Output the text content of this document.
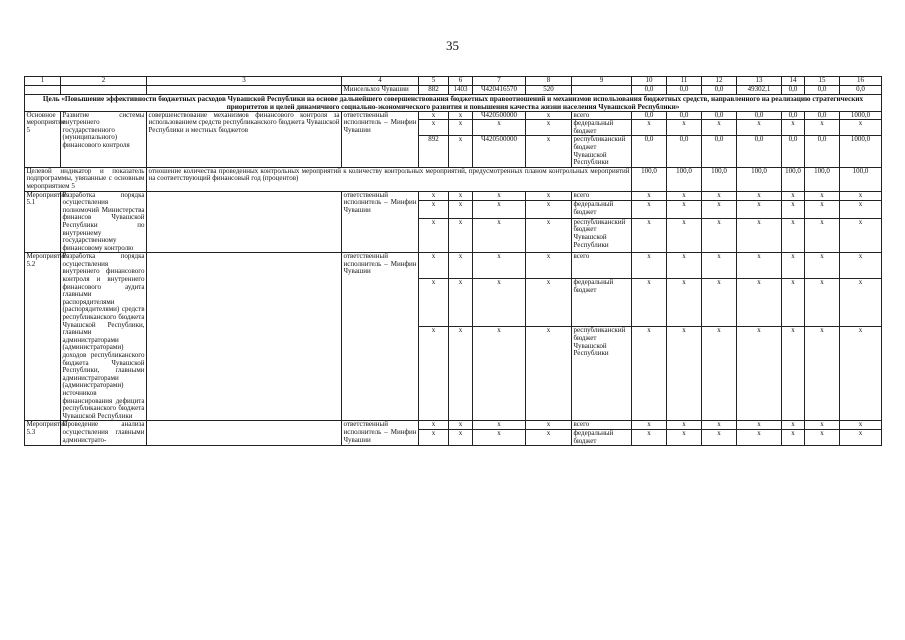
35
1	2	3	4	5	6	7	8	9	10	11	12	13	14	15	16
			Минсельхоз Чувашии	882	1403	Ч420416570	520		0,0	0,0	0,0	49302,1	0,0	0,0	0,0
Цель «Повышение эффективности бюджетных расходов Чувашской Республики на основе дальнейшего совершенствования бюджетных правоотношений и механизмов использования бюджетных средств, направленного на реализацию стратегических приоритетов и целей динамичного социально-экономического развития и повышения качества жизни населения Чувашской Республики»															
Основное мероприятие 5	Развитие системы внутреннего государственного (муниципального) финансового контроля	совершенствование механизмов финансового контроля за использованием средств республиканского бюджета Чувашской Республики и местных бюджетов	ответственный исполнитель – Минфин Чувашии	x	x	Ч420500000	x	всего	0,0	0,0	0,0	0,0	0,0	0,0	1000,0
				x	x	x	x	федеральный бюджет	x	x	x	x	x	x	x
				892	x	Ч420500000	x	республиканский бюджет Чувашской Республики	0,0	0,0	0,0	0,0	0,0	0,0	1000,0
Целевой индикатор и показатель подпрограммы, увязанные с основным мероприятием 5		отношение количества проведенных контрольных мероприятий к количеству контрольных мероприятий, предусмотренных планом контрольных мероприятий на соответствующий финансовый год (процентов)							100,0	100,0	100,0	100,0	100,0	100,0	100,0
Мероприятие 5.1	Разработка порядка осуществления полномочий Министерства финансов Чувашской Республики по внутреннему государственному финансовому контролю		ответственный исполнитель – Минфин Чувашии	x	x	x	x	всего	x	x	x	x	x	x	x
				x	x	x	x	федеральный бюджет	x	x	x	x	x	x	x
				x	x	x	x	республиканский бюджет Чувашской Республики	x	x	x	x	x	x	x
Мероприятие 5.2	Разработка порядка осуществления внутреннего финансового контроля и внутреннего финансового аудита главными распорядителями (распорядителями) средств республиканского бюджета Чувашской Республики, главными администраторами (администраторами) доходов республиканского бюджета Чувашской Республики, главными администраторами (администраторами) источников финансирования дефицита республиканского бюджета Чувашской Республики		ответственный исполнитель – Минфин Чувашии	x	x	x	x	всего	x	x	x	x	x	x	x
				x	x	x	x	федеральный бюджет	x	x	x	x	x	x	x
				x	x	x	x	республиканский бюджет Чувашской Республики	x	x	x	x	x	x	x
Мероприятие 5.3	Проведение анализа осуществления главными администрато-		ответственный исполнитель – Минфин Чувашии	x	x	x	x	всего	x	x	x	x	x	x	x
				x	x	x	x	федеральный бюджет	x	x	x	x	x	x	x
